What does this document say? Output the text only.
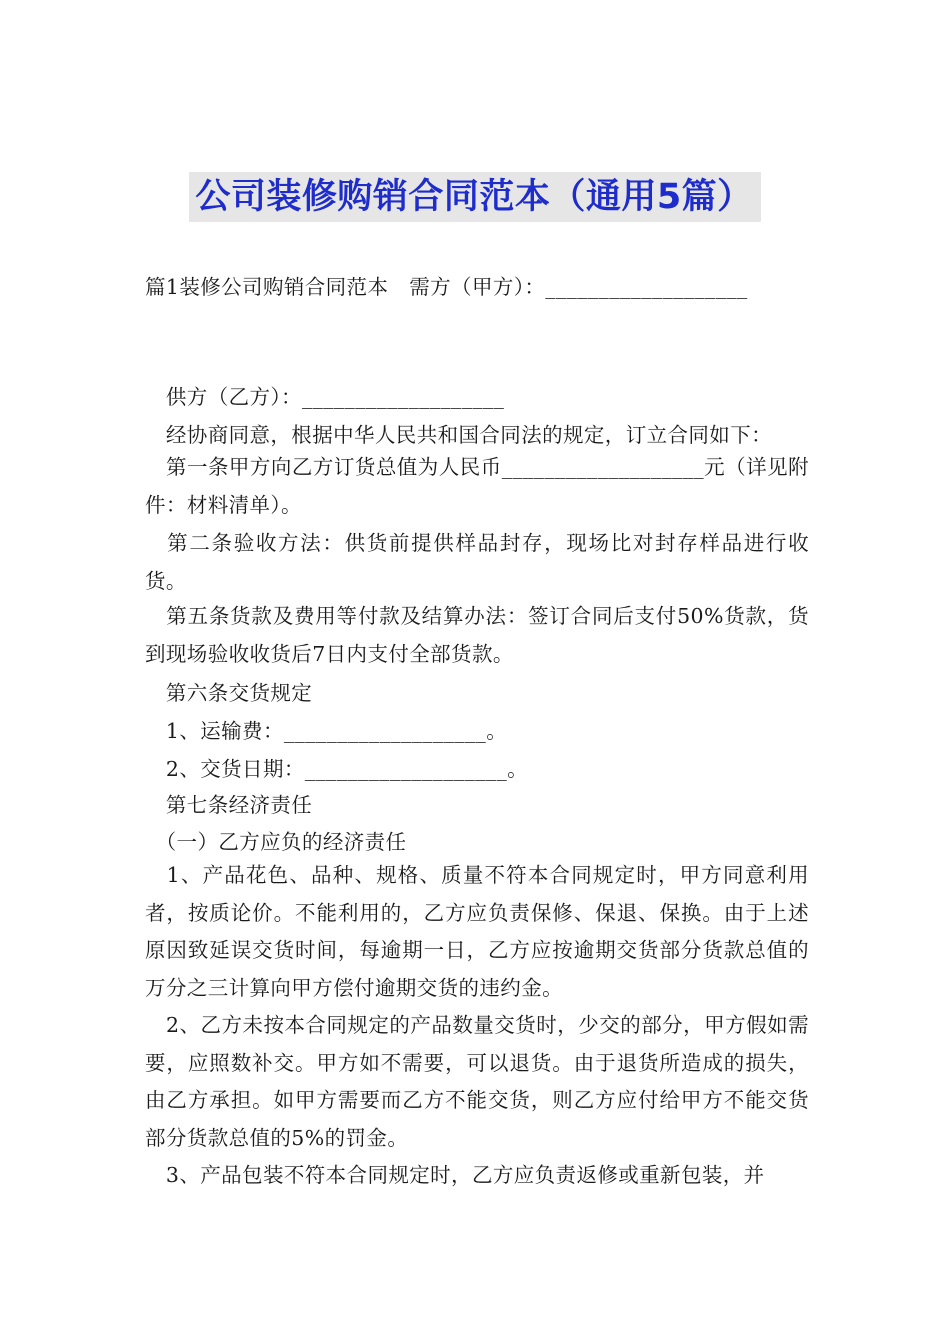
公司装修购销合同范本（通用5篇）
篇1装修公司购销合同范本　需方（甲方）：___________________
　供方（乙方）：___________________
　经协商同意，根据中华人民共和国合同法的规定，订立合同如下：
　第一条甲方向乙方订货总值为人民币___________________元（详见附件：材料清单）。
　第二条验收方法：供货前提供样品封存，现场比对封存样品进行收货。
　第五条货款及费用等付款及结算办法：签订合同后支付50%货款，货到现场验收收货后7日内支付全部货款。
　第六条交货规定
　1、运输费：___________________。
　2、交货日期：___________________。
　第七条经济责任
　（一）乙方应负的经济责任
　1、产品花色、品种、规格、质量不符本合同规定时，甲方同意利用者，按质论价。不能利用的，乙方应负责保修、保退、保换。由于上述原因致延误交货时间，每逾期一日，乙方应按逾期交货部分货款总值的万分之三计算向甲方偿付逾期交货的违约金。
　2、乙方未按本合同规定的产品数量交货时，少交的部分，甲方假如需要，应照数补交。甲方如不需要，可以退货。由于退货所造成的损失，由乙方承担。如甲方需要而乙方不能交货，则乙方应付给甲方不能交货部分货款总值的5%的罚金。
　3、产品包装不符本合同规定时，乙方应负责返修或重新包装，并
